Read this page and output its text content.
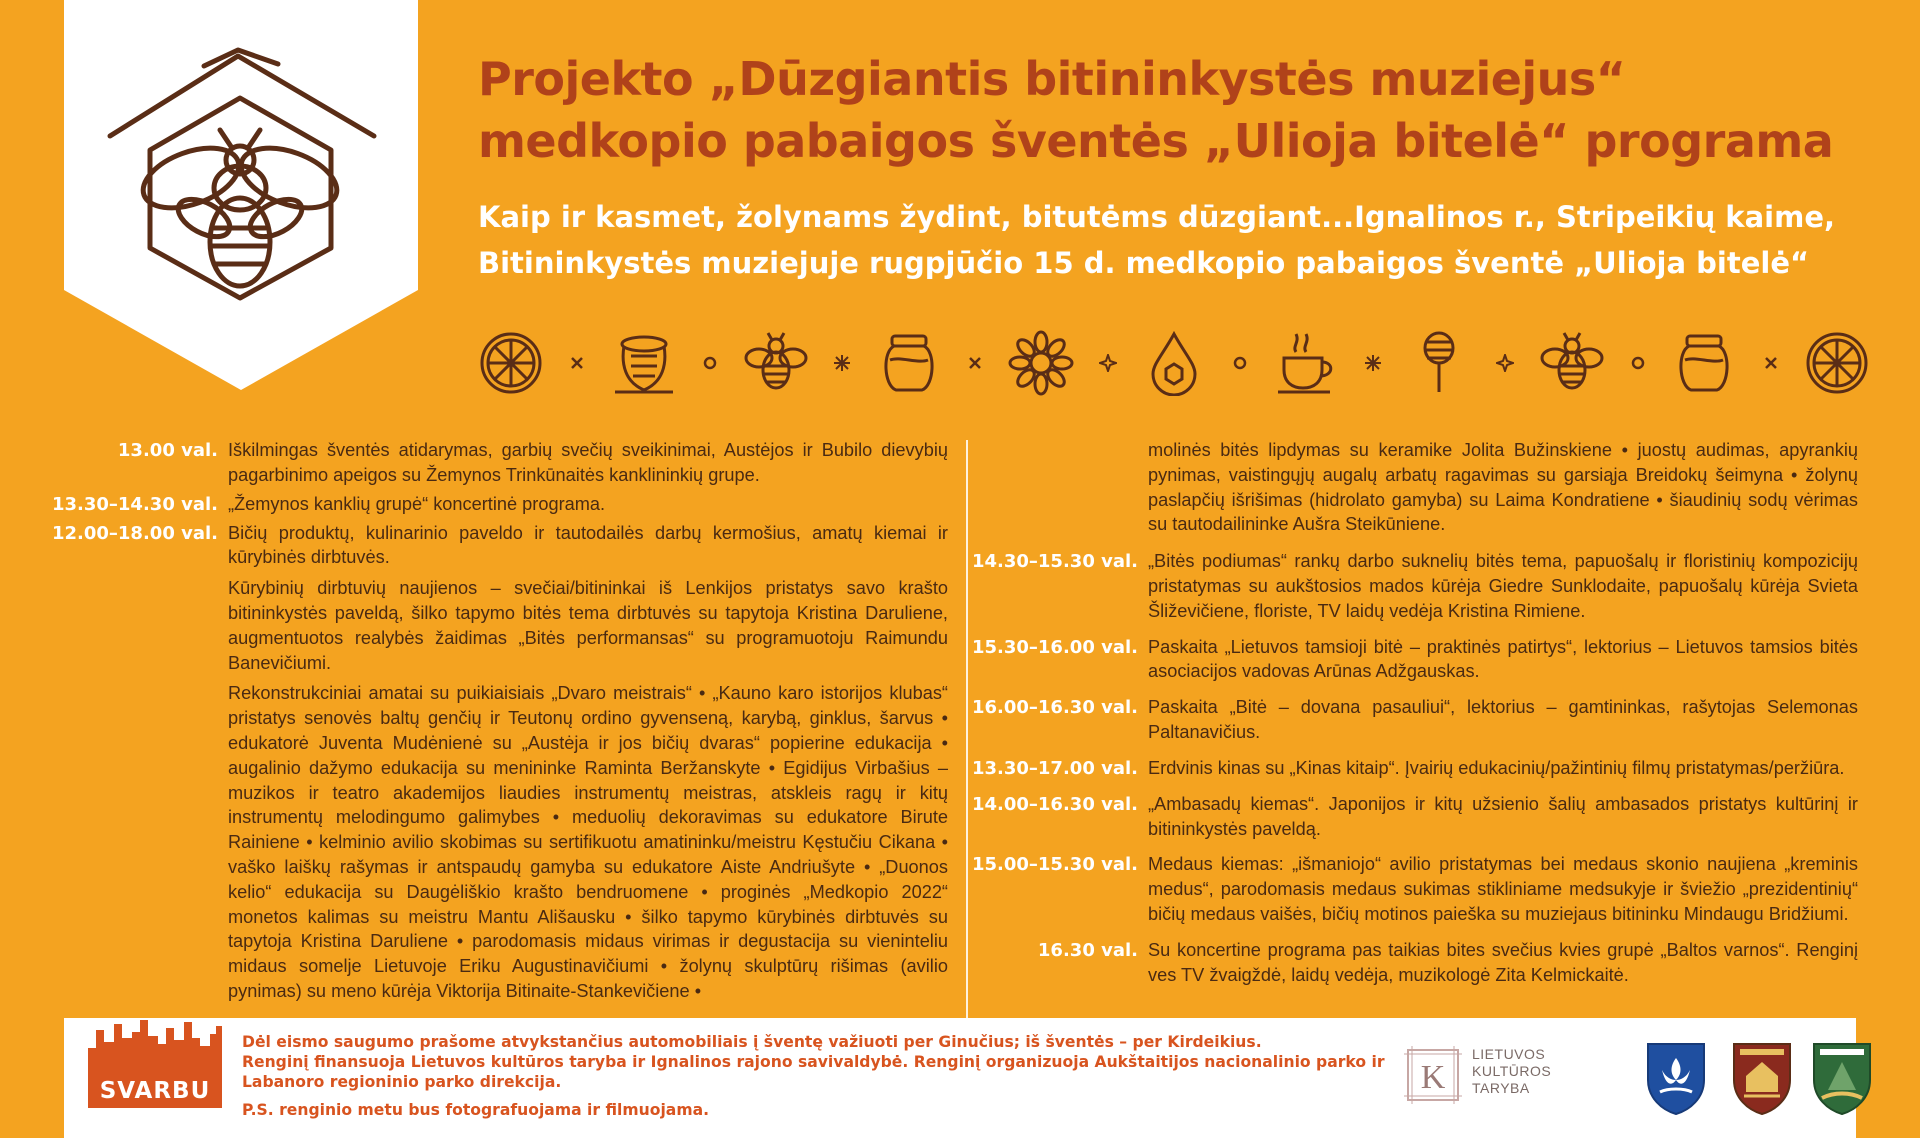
Projekto „Dūzgiantis bitininkystės muziejus“
medkopio pabaigos šventės „Ulioja bitelė“ programa
Kaip ir kasmet, žolynams žydint, bitutėms dūzgiant...Ignalinos r., Stripeikių kaime,
Bitininkystės muziejuje rugpjūčio 15 d. medkopio pabaigos šventė „Ulioja bitelė“
13.00 val. Iškilmingas šventės atidarymas, garbių svečių sveikinimai, Austėjos ir Bubilo dievybių pagarbinimo apeigos su Žemynos Trinkūnaitės kanklininkių grupe.

13.30–14.30 val. „Žemynos kanklių grupė“ koncertinė programa.

12.00–18.00 val. Bičių produktų, kulinarinio paveldo ir tautodailės darbų kermošius, amatų kiemai ir kūrybinės dirbtuvės.

Kūrybinių dirbtuvių naujienos – svečiai/bitininkai iš Lenkijos pristatys savo krašto bitininkystės paveldą, šilko tapymo bitės tema dirbtuvės su tapytoja Kristina Daruliene, augmentuotos realybės žaidimas „Bitės performansas“ su programuotoju Raimundu Banevičiumi.

Rekonstrukciniai amatai su puikiaisiais „Dvaro meistrais“ • „Kauno karo istorijos klubas“ pristatys senovės baltų genčių ir Teutonų ordino gyvenseną, karybą, ginklus, šarvus • edukatorė Juventa Mudėnienė su „Austėja ir jos bičių dvaras“ popierine edukacija • augalinio dažymo edukacija su menininke Raminta Beržanskyte • Egidijus Virbašius – muzikos ir teatro akademijos liaudies instrumentų meistras, atskleis ragų ir kitų instrumentų melodingumo galimybes • meduolių dekoravimas su edukatore Birute Rainiene • kelminio avilio skobimas su sertifikuotu amatininku/meistru Kęstučiu Cikana • vaško laiškų rašymas ir antspaudų gamyba su edukatore Aiste Andriušyte • „Duonos kelio“ edukacija su Daugėliškio krašto bendruomene • proginės „Medkopio 2022“ monetos kalimas su meistru Mantu Ališausku • šilko tapymo kūrybinės dirbtuvės su tapytoja Kristina Daruliene • parodomasis midaus virimas ir degustacija su vieninteliu midaus somelje Lietuvoje Eriku Augustinavičiumi • žolynų skulptūrų rišimas (avilio pynimas) su meno kūrėja Viktorija Bitinaite-Stankevičiene •

molinės bitės lipdymas su keramike Jolita Bužinskiene • juostų audimas, apyrankių pynimas, vaistingųjų augalų arbatų ragavimas su garsiąja Breidokų šeimyna • žolynų paslapčių išrišimas (hidrolato gamyba) su Laima Kondratiene • šiaudinių sodų vėrimas su tautodailininke Aušra Steikūniene.

14.30–15.30 val. „Bitės podiumas“ rankų darbo suknelių bitės tema, papuošalų ir floristinių kompozicijų pristatymas su aukštosios mados kūrėja Giedre Sunklodaite, papuošalų kūrėja Svieta Šliževičiene, floriste, TV laidų vedėja Kristina Rimiene.

15.30–16.00 val. Paskaita „Lietuvos tamsioji bitė – praktinės patirtys“, lektorius – Lietuvos tamsios bitės asociacijos vadovas Arūnas Adžgauskas.

16.00–16.30 val. Paskaita „Bitė – dovana pasauliui“, lektorius – gamtininkas, rašytojas Selemonas Paltanavičius.

13.30–17.00 val. Erdvinis kinas su „Kinas kitaip“. Įvairių edukacinių/pažintinių filmų pristatymas/peržiūra.

14.00–16.30 val. „Ambasadų kiemas“. Japonijos ir kitų užsienio šalių ambasados pristatys kultūrinį ir bitininkystės paveldą.

15.00–15.30 val. Medaus kiemas: „išmaniojo“ avilio pristatymas bei medaus skonio naujiena „kreminis medus“, parodomasis medaus sukimas stikliniame medsukyje ir šviežio „prezidentinių“ bičių medaus vaišės, bičių motinos paieška su muziejaus bitininku Mindaugu Bridžiumi.

16.30 val. Su koncertine programa pas taikias bites svečius kvies grupė „Baltos varnos“. Renginį ves TV žvaigždė, laidų vedėja, muzikologė Zita Kelmickaitė.

SVARBU
Dėl eismo saugumo prašome atvykstančius automobiliais į šventę važiuoti per Ginučius; iš šventės – per Kirdeikius.
Renginį finansuoja Lietuvos kultūros taryba ir Ignalinos rajono savivaldybė. Renginį organizuoja Aukštaitijos nacionalinio parko ir Labanoro regioninio parko direkcija.
P.S. renginio metu bus fotografuojama ir filmuojama.
K
LIETUVOS
KULTŪROS
TARYBA
